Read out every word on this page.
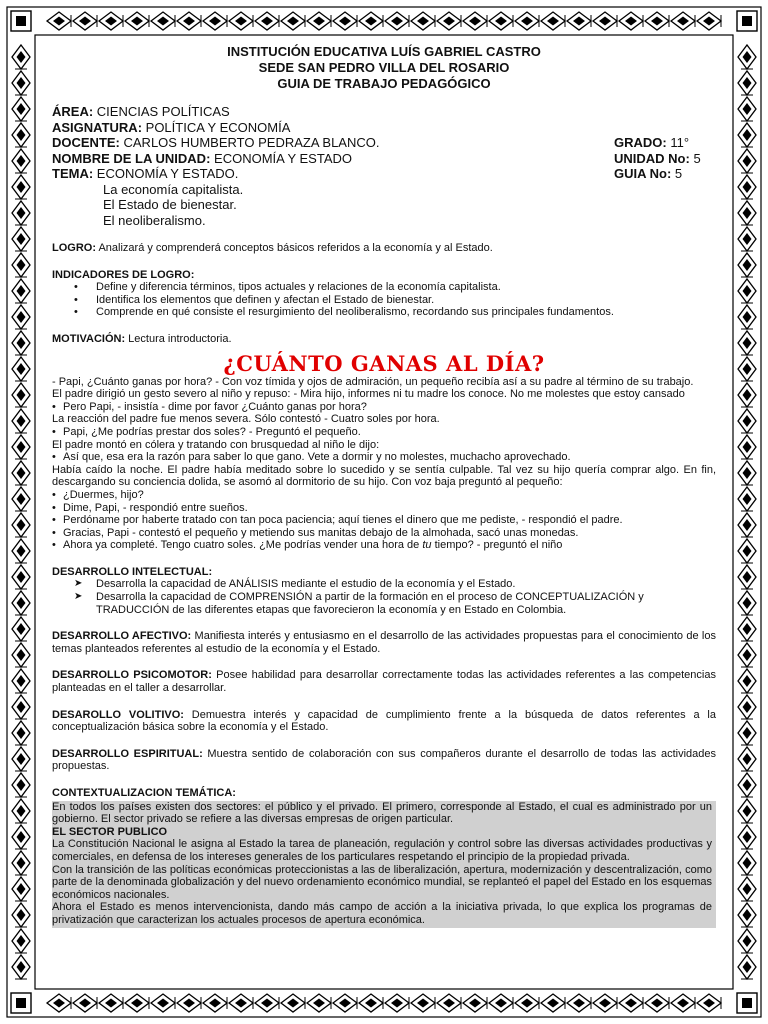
INSTITUCIÓN EDUCATIVA LUÍS GABRIEL CASTRO
SEDE SAN PEDRO VILLA DEL ROSARIO
GUIA DE TRABAJO PEDAGÓGICO
ÁREA: CIENCIAS POLÍTICAS
ASIGNATURA: POLÍTICA Y ECONOMÍA
DOCENTE: CARLOS HUMBERTO PEDRAZA BLANCO.	GRADO: 11°
NOMBRE DE LA UNIDAD: ECONOMÍA Y ESTADO	UNIDAD No: 5
TEMA: ECONOMÍA Y ESTADO.	GUIA No: 5
La economía capitalista.
El Estado de bienestar.
El neoliberalismo.

LOGRO: Analizará y comprenderá conceptos básicos referidos a la economía y al Estado.

INDICADORES DE LOGRO:
• Define y diferencia términos, tipos actuales y relaciones de la economía capitalista.
• Identifica los elementos que definen y afectan el Estado de bienestar.
• Comprende en qué consiste el resurgimiento del neoliberalismo, recordando sus principales fundamentos.

MOTIVACIÓN: Lectura introductoria.

¿CUÁNTO GANAS AL DÍA?

- Papi, ¿Cuánto ganas por hora? - Con voz tímida y ojos de admiración, un pequeño recibía así a su padre al término de su trabajo.

El padre dirigió un gesto severo al niño y repuso: - Mira hijo, informes ni tu madre los conoce. No me molestes que estoy cansado

• Pero Papi, - insistía - dime por favor ¿Cuánto ganas por hora?

La reacción del padre fue menos severa. Sólo contestó - Cuatro soles por hora.

• Papi, ¿Me podrías prestar dos soles? - Preguntó el pequeño.

El padre montó en cólera y tratando con brusquedad al niño le dijo:

• Así que, esa era la razón para saber lo que gano. Vete a dormir y no molestes, muchacho aprovechado.

Había caído la noche. El padre había meditado sobre lo sucedido y se sentía culpable. Tal vez su hijo quería comprar algo. En fin, descargando su conciencia dolida, se asomó al dormitorio de su hijo. Con voz baja preguntó al pequeño:

• ¿Duermes, hijo?

• Dime, Papi, - respondió entre sueños.

• Perdóname por haberte tratado con tan poca paciencia; aquí tienes el dinero que me pediste, - respondió el padre.

• Gracias, Papi - contestó el pequeño y metiendo sus manitas debajo de la almohada, sacó unas monedas.

• Ahora ya completé. Tengo cuatro soles. ¿Me podrías vender una hora de tu tiempo? - preguntó el niño

DESARROLLO INTELECTUAL:
➤ Desarrolla la capacidad de ANÁLISIS mediante el estudio de la economía y el Estado.
➤ Desarrolla la capacidad de COMPRENSIÓN a partir de la formación en el proceso de CONCEPTUALIZACIÓN y TRADUCCIÓN de las diferentes etapas que favorecieron la economía y en Estado en Colombia.

DESARROLLO AFECTIVO: Manifiesta interés y entusiasmo en el desarrollo de las actividades propuestas para el conocimiento de los temas planteados referentes al estudio de la economía y el Estado.

DESARROLLO PSICOMOTOR: Posee habilidad para desarrollar correctamente todas las actividades referentes a las competencias planteadas en el taller a desarrollar.

DESAROLLO VOLITIVO: Demuestra interés y capacidad de cumplimiento frente a la búsqueda de datos referentes a la conceptualización básica sobre la economía y el Estado.

DESARROLLO ESPIRITUAL: Muestra sentido de colaboración con sus compañeros durante el desarrollo de todas las actividades propuestas.

CONTEXTUALIZACION TEMÁTICA:

En todos los países existen dos sectores: el público y el privado. El primero, corresponde al Estado, el cual es administrado por un gobierno. El sector privado se refiere a las diversas empresas de origen particular.

EL SECTOR PUBLICO

La Constitución Nacional le asigna al Estado la tarea de planeación, regulación y control sobre las diversas actividades productivas y comerciales, en defensa de los intereses generales de los particulares respetando el principio de la propiedad privada.

Con la transición de las políticas económicas proteccionistas a las de liberalización, apertura, modernización y descentralización, como parte de la denominada globalización y del nuevo ordenamiento económico mundial, se replanteó el papel del Estado en los esquemas económicos nacionales.

Ahora el Estado es menos intervencionista, dando más campo de acción a la iniciativa privada, lo que explica los programas de privatización que caracterizan los actuales procesos de apertura económica.
